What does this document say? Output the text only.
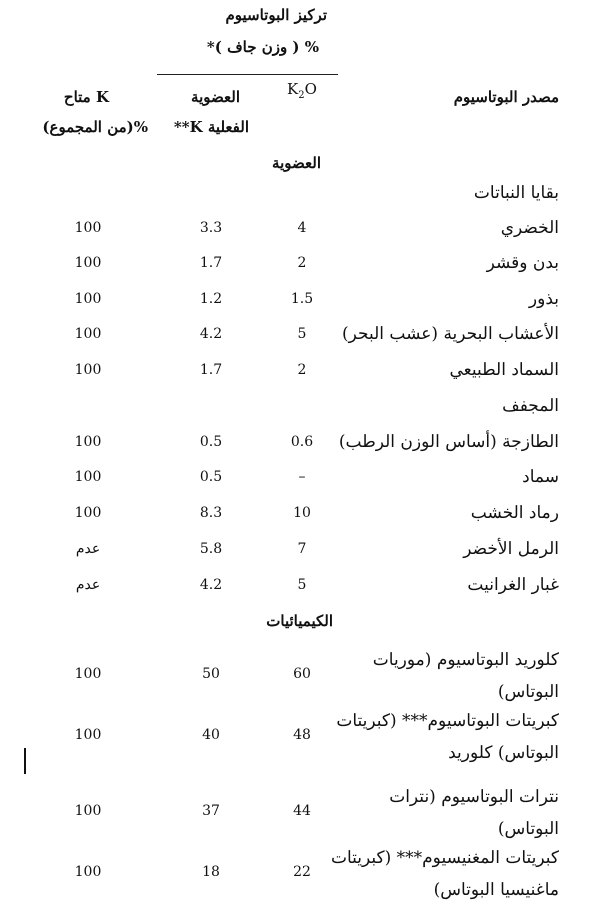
تركيز البوتاسيوم
% ( وزن جاف )*
$K_2O$
العضوية
الفعلية K**
K متاح
%(من المجموع)
مصدر البوتاسيوم
العضوية
بقايا النباتات
الخضري
4
3.3
100
بدن وقشر
2
1.7
100
بذور
1.5
1.2
100
الأعشاب البحرية (عشب البحر)
5
4.2
100
السماد الطبيعي
2
1.7
100
المجفف
الطازجة (أساس الوزن الرطب)
0.6
0.5
100
سماد
–
0.5
100
رماد الخشب
10
8.3
100
الرمل الأخضر
7
5.8
عدم
غبار الغرانيت
5
4.2
عدم
الكيميائيات
كلوريد البوتاسيوم (موريات
البوتاس)
60
50
100
كبريتات البوتاسيوم*** (كبريتات
البوتاس) كلوريد
48
40
100
نترات البوتاسيوم (نترات
البوتاس)
44
37
100
كبريتات المغنيسيوم*** (كبريتات
ماغنيسيا البوتاس)
22
18
100
